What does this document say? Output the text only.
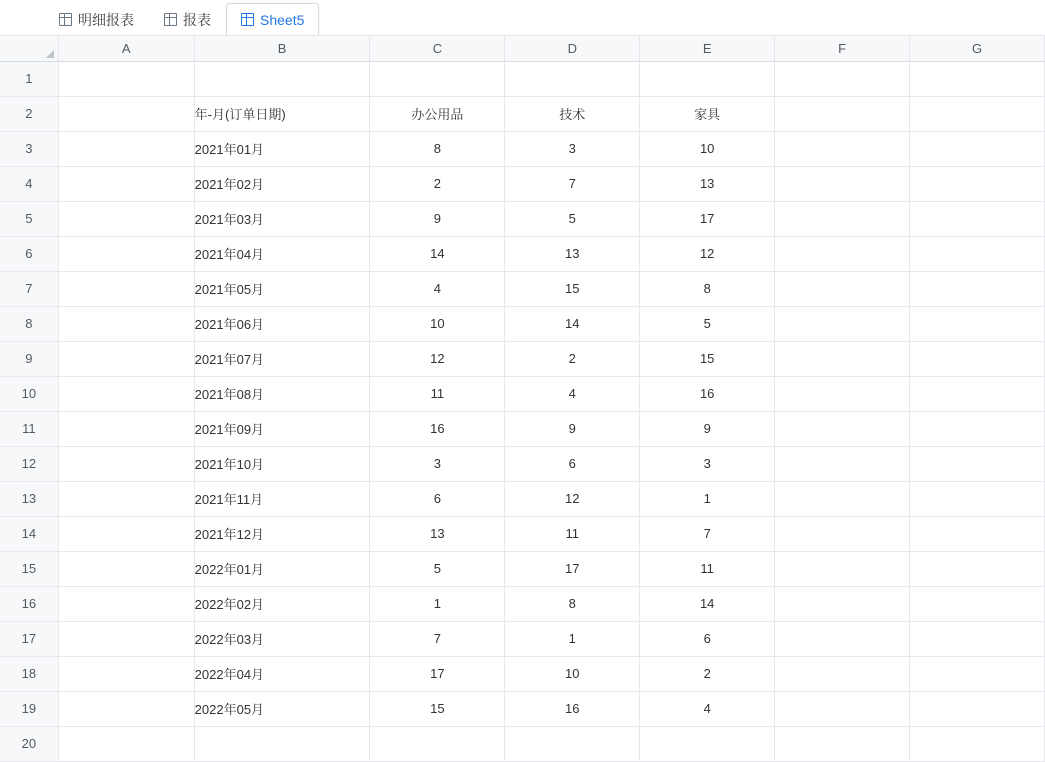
明细报表	报表	Sheet5
	A	B	C	D	E	F	G
1							
2		年-月(订单日期)	办公用品	技术	家具		
3		2021年01月	8	3	10		
4		2021年02月	2	7	13		
5		2021年03月	9	5	17		
6		2021年04月	14	13	12		
7		2021年05月	4	15	8		
8		2021年06月	10	14	5		
9		2021年07月	12	2	15		
10		2021年08月	11	4	16		
11		2021年09月	16	9	9		
12		2021年10月	3	6	3		
13		2021年11月	6	12	1		
14		2021年12月	13	11	7		
15		2022年01月	5	17	11		
16		2022年02月	1	8	14		
17		2022年03月	7	1	6		
18		2022年04月	17	10	2		
19		2022年05月	15	16	4		
20							
